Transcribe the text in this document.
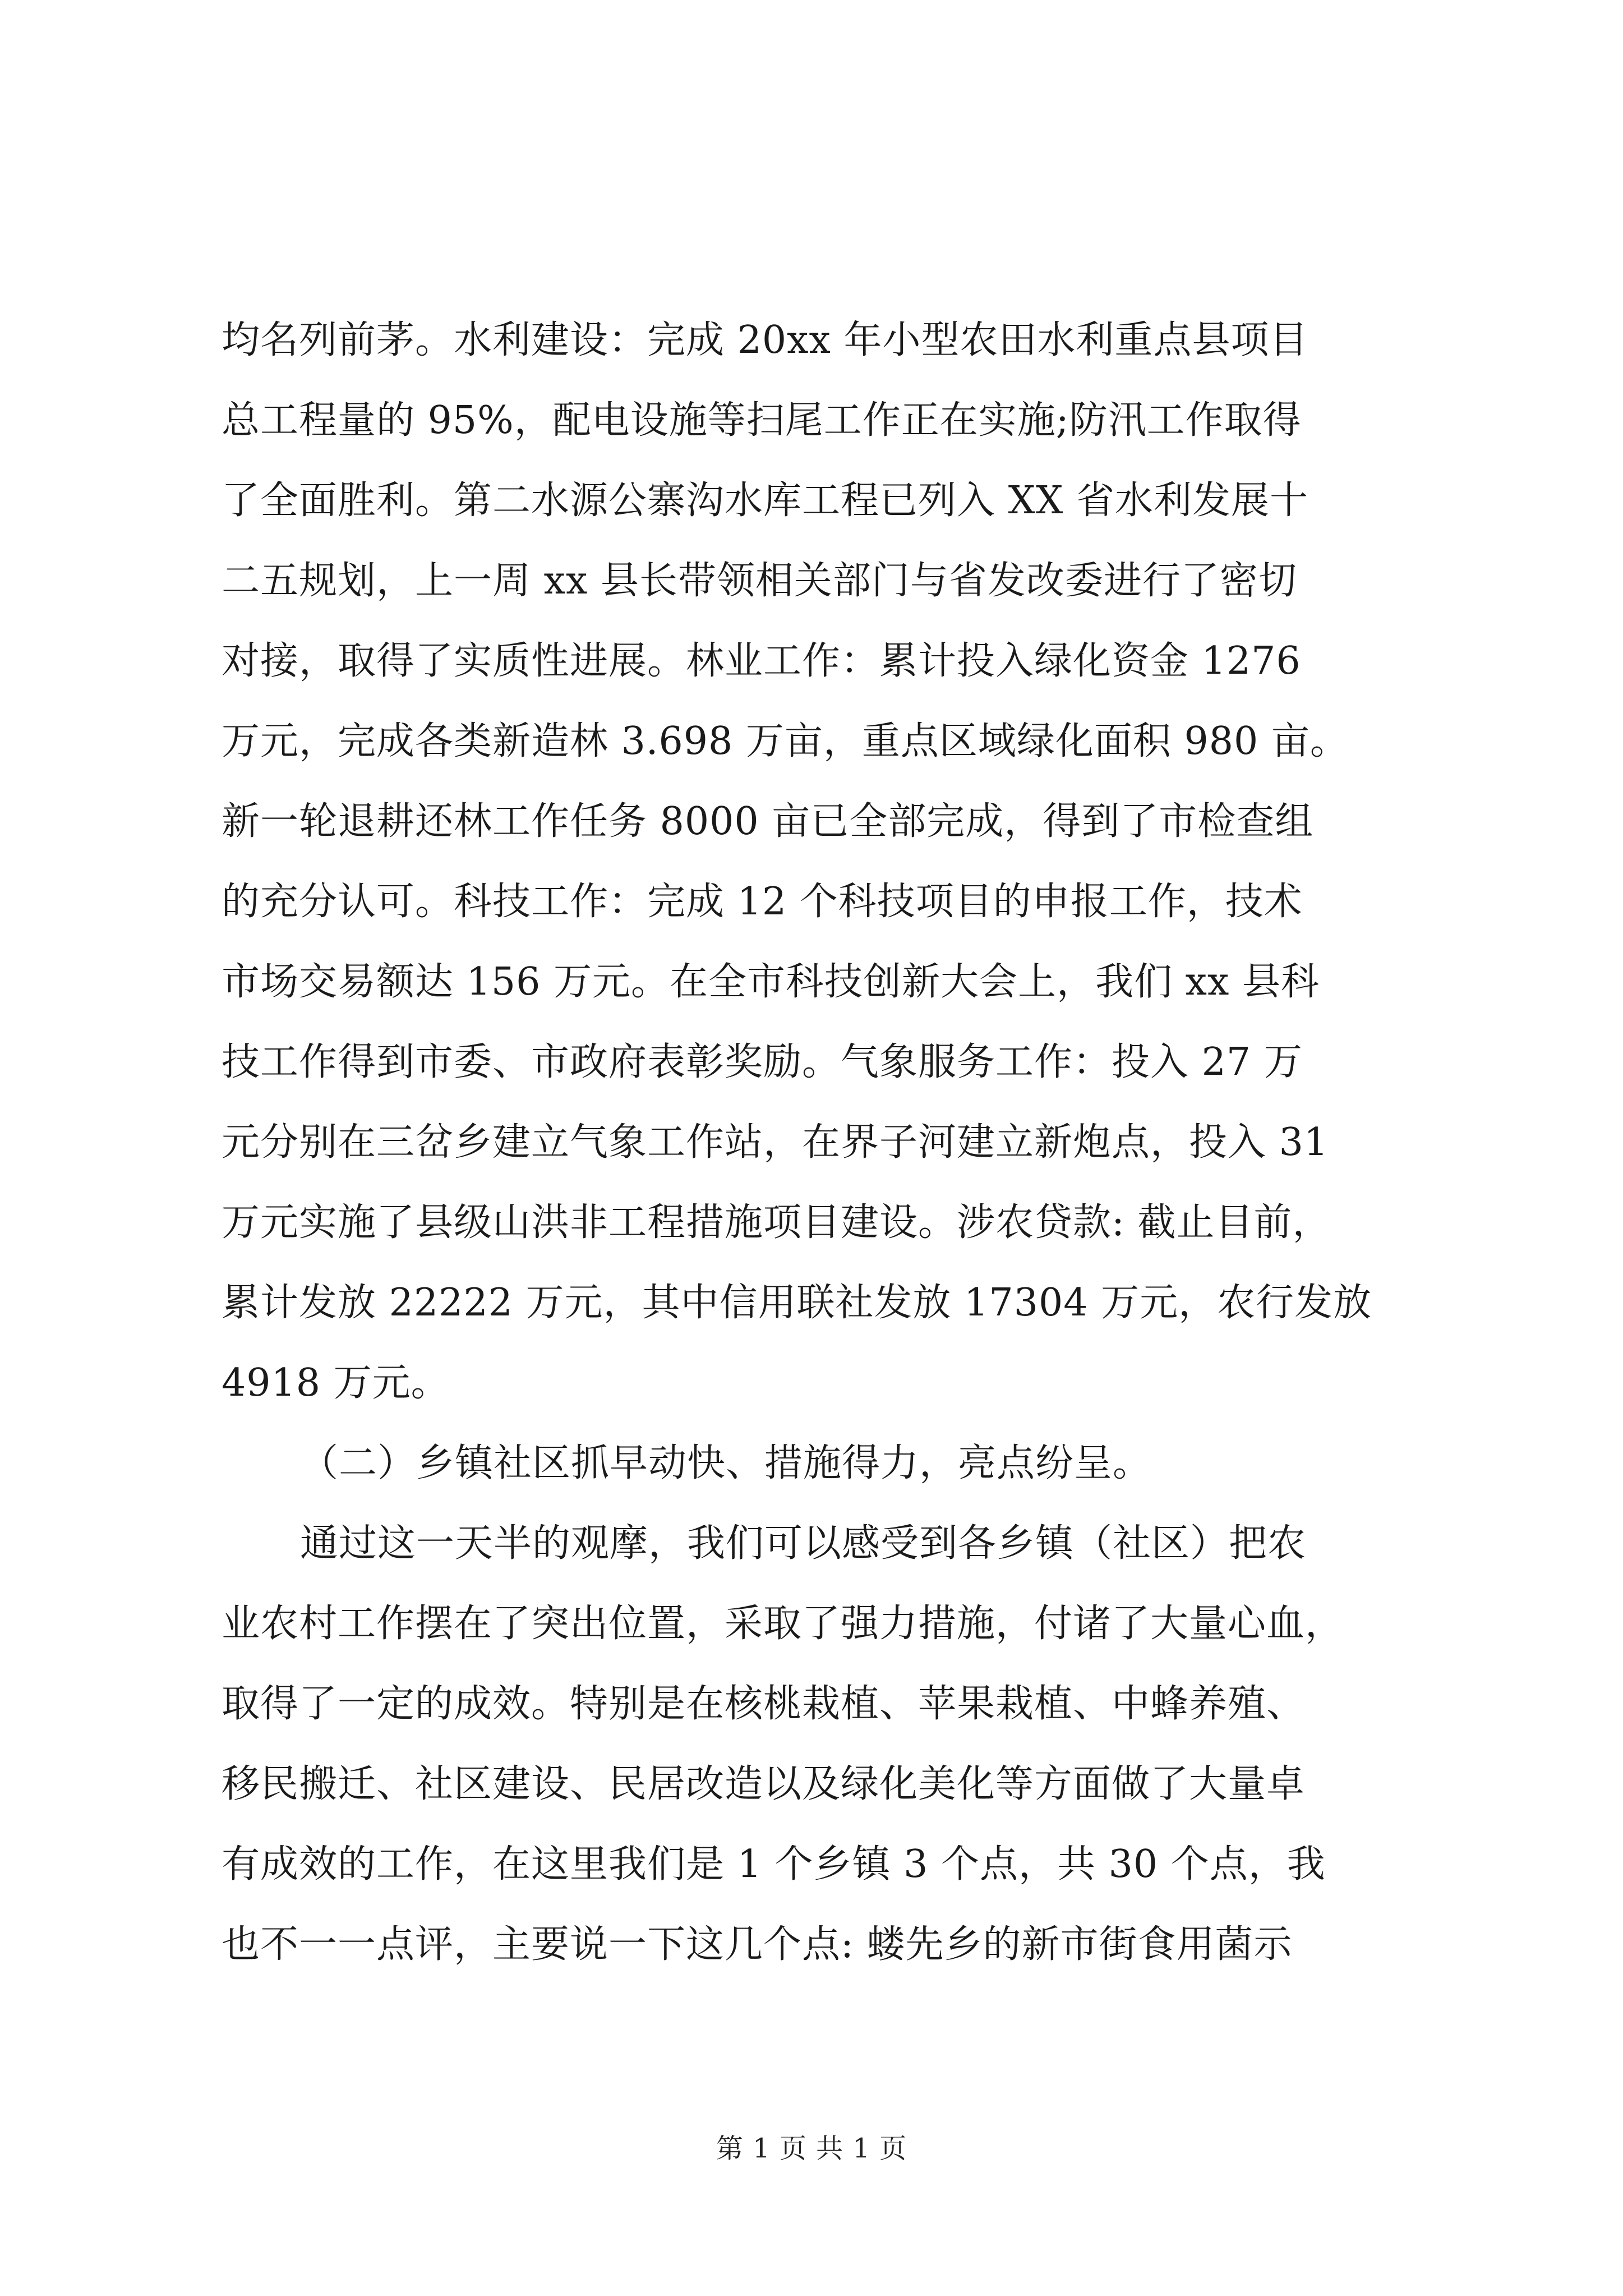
均名列前茅。水利建设：完成 20xx 年小型农田水利重点县项目
总工程量的 95%，配电设施等扫尾工作正在实施;防汛工作取得
了全面胜利。第二水源公寨沟水库工程已列入 XX 省水利发展十
二五规划，上一周 xx 县长带领相关部门与省发改委进行了密切
对接，取得了实质性进展。林业工作：累计投入绿化资金 1276
万元，完成各类新造林 3.698 万亩，重点区域绿化面积 980 亩。
新一轮退耕还林工作任务 8000 亩已全部完成，得到了市检查组
的充分认可。科技工作：完成 12 个科技项目的申报工作，技术
市场交易额达 156 万元。在全市科技创新大会上，我们 xx 县科
技工作得到市委、市政府表彰奖励。气象服务工作：投入 27 万
元分别在三岔乡建立气象工作站，在界子河建立新炮点，投入 31
万元实施了县级山洪非工程措施项目建设。涉农贷款: 截止目前，
累计发放 22222 万元，其中信用联社发放 17304 万元，农行发放
4918 万元。
（二）乡镇社区抓早动快、措施得力，亮点纷呈。
通过这一天半的观摩，我们可以感受到各乡镇（社区）把农
业农村工作摆在了突出位置，采取了强力措施，付诸了大量心血，
取得了一定的成效。特别是在核桃栽植、苹果栽植、中蜂养殖、
移民搬迁、社区建设、民居改造以及绿化美化等方面做了大量卓
有成效的工作，在这里我们是 1 个乡镇 3 个点，共 30 个点，我
也不一一点评，主要说一下这几个点: 蝼先乡的新市街食用菌示
第 1 页 共 1 页
